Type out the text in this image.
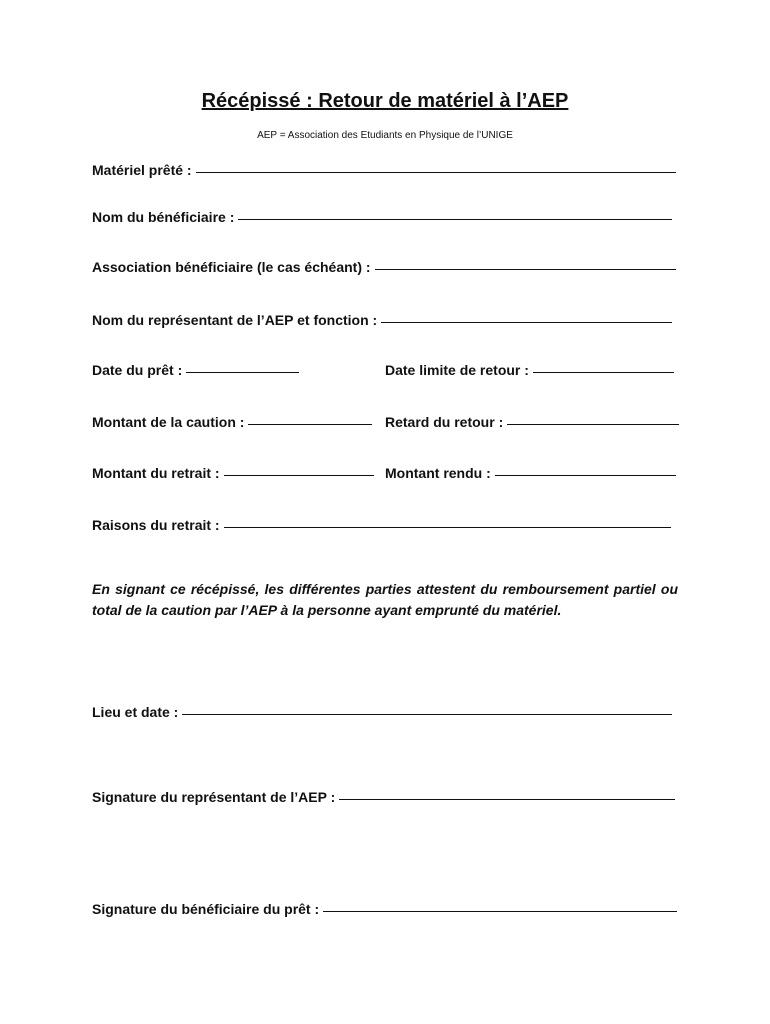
Récépissé : Retour de matériel à l’AEP
AEP = Association des Etudiants en Physique de l’UNIGE
Matériel prêté :
Nom du bénéficiaire :
Association bénéficiaire (le cas échéant) :
Nom du représentant de l’AEP et fonction :
Date du prêt :	Date limite de retour :
Montant de la caution :	Retard du retour :
Montant du retrait :	Montant rendu :
Raisons du retrait :
En signant ce récépissé, les différentes parties attestent du remboursement partiel ou total de la caution par l’AEP à la personne ayant emprunté du matériel.
Lieu et date :
Signature du représentant de l’AEP :
Signature du bénéficiaire du prêt :
